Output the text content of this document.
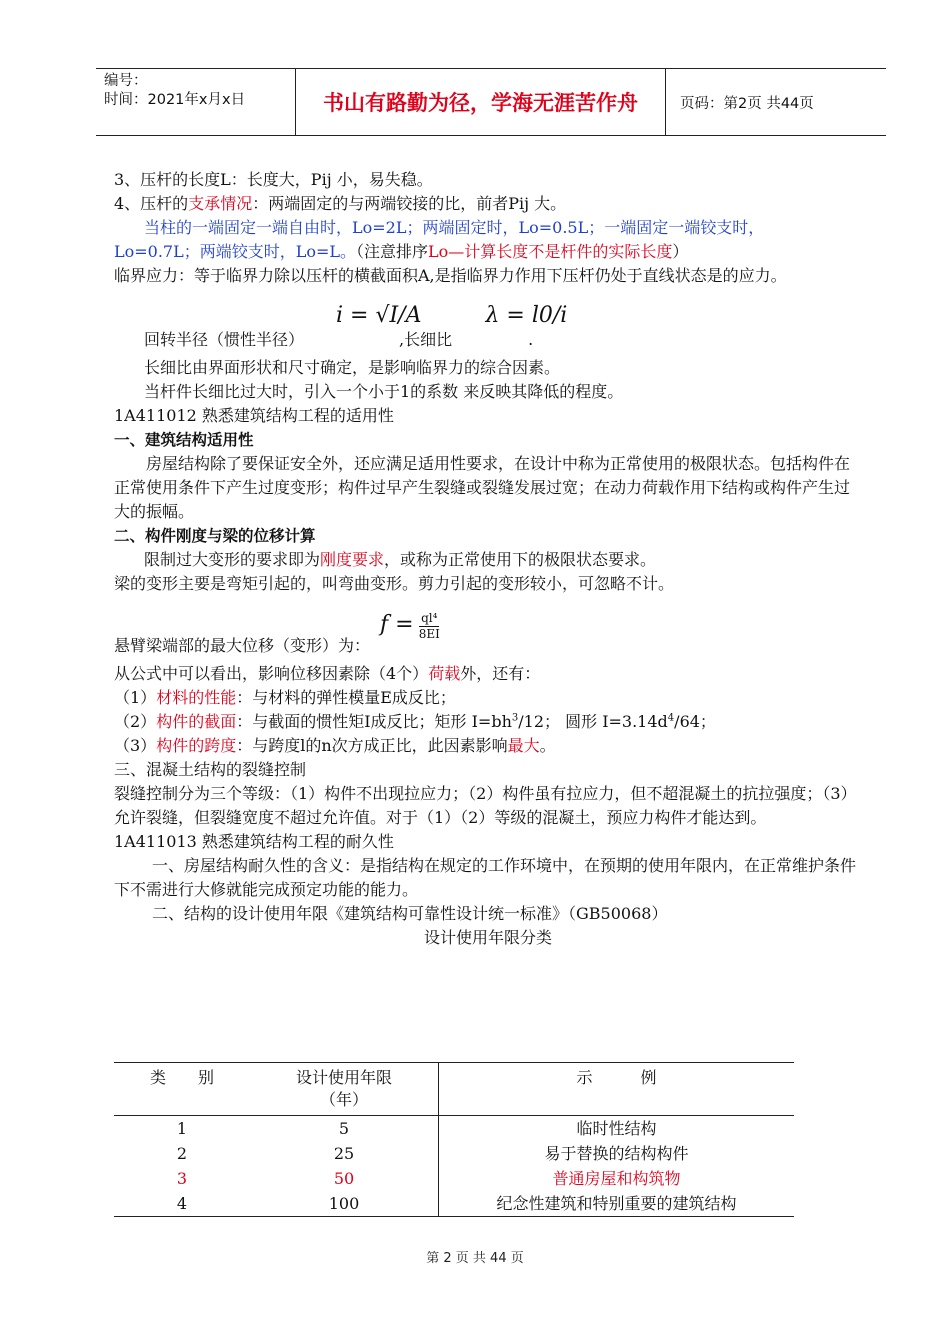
编号：
时间：2021年x月x日	书山有路勤为径，学海无涯苦作舟	页码：第2页 共44页

3、压杆的长度L：长度大，Pij 小，易失稳。

4、压杆的支承情况：两端固定的与两端铰接的比，前者Pij 大。

当柱的一端固定一端自由时，Lo=2L；两端固定时，Lo=0.5L；一端固定一端铰支时，

Lo=0.7L；两端铰支时，Lo=L。（注意排序Lo—计算长度不是杆件的实际长度）

临界应力：等于临界力除以压杆的横截面积A,是指临界力作用下压杆仍处于直线状态是的应力。

i = √I/A	λ = l0/i

回转半径（惯性半径）	,长细比	.

长细比由界面形状和尺寸确定，是影响临界力的综合因素。

当杆件长细比过大时，引入一个小于1的系数 来反映其降低的程度。

1A411012 熟悉建筑结构工程的适用性

一、建筑结构适用性

房屋结构除了要保证安全外，还应满足适用性要求，在设计中称为正常使用的极限状态。包括构件在正常使用条件下产生过度变形；构件过早产生裂缝或裂缝发展过宽；在动力荷载作用下结构或构件产生过大的振幅。

二、构件刚度与梁的位移计算

限制过大变形的要求即为刚度要求，或称为正常使用下的极限状态要求。

梁的变形主要是弯矩引起的，叫弯曲变形。剪力引起的变形较小，可忽略不计。

悬臂梁端部的最大位移（变形）为：
$f = \frac{\text{ql⁴}}{8EI}$

从公式中可以看出，影响位移因素除（4个）荷载外，还有：

（1）材料的性能：与材料的弹性模量E成反比；

（2）构件的截面：与截面的惯性矩I成反比；矩形 $I=bh^3/12$； 圆形 $I=3.14d^4/64$；

（3）构件的跨度：与跨度l的n次方成正比，此因素影响最大。

三、混凝土结构的裂缝控制

裂缝控制分为三个等级：（1）构件不出现拉应力；（2）构件虽有拉应力，但不超混凝土的抗拉强度；（3）允许裂缝，但裂缝宽度不超过允许值。对于（1）（2）等级的混凝土，预应力构件才能达到。

1A411013 熟悉建筑结构工程的耐久性

一、房屋结构耐久性的含义：是指结构在规定的工作环境中，在预期的使用年限内，在正常维护条件下不需进行大修就能完成预定功能的能力。

二、结构的设计使用年限《建筑结构可靠性设计统一标准》（GB50068）

设计使用年限分类

类　　别	设计使用年限（年）	示　　　例
1	5	临时性结构
2	25	易于替换的结构构件
3	50	普通房屋和构筑物
4	100	纪念性建筑和特别重要的建筑结构
第 2 页 共 44 页
